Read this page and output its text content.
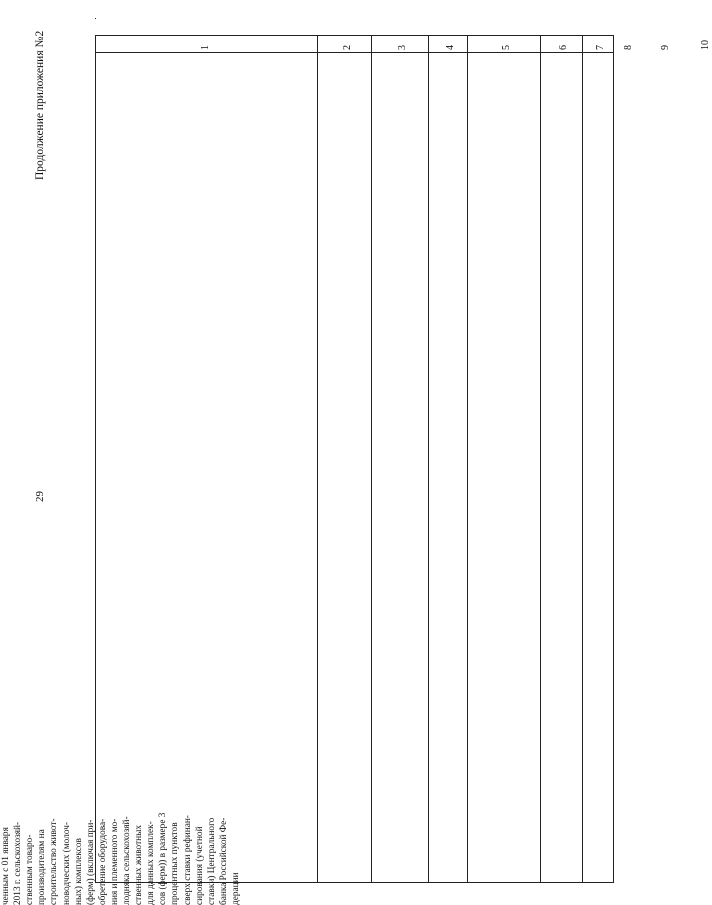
29
Продолжение приложения №2	1	2	3	4	5	6	7 8	9	10
ченным с 01 января 2013 г. сельскохозяй- ственным товаро- производителям на строительство живот- новодческих (молоч- ных) комплексов (ферм) (включая при- обретение оборудова- ния и племенного мо- лодняка сельскохозяй- ственных животных для данных комплек- сов (ферм)) в размере 3 процентных пунктов сверх ставки рефинан- сирования (учетной ставки) Центрального банка Российской Фе- дерации
